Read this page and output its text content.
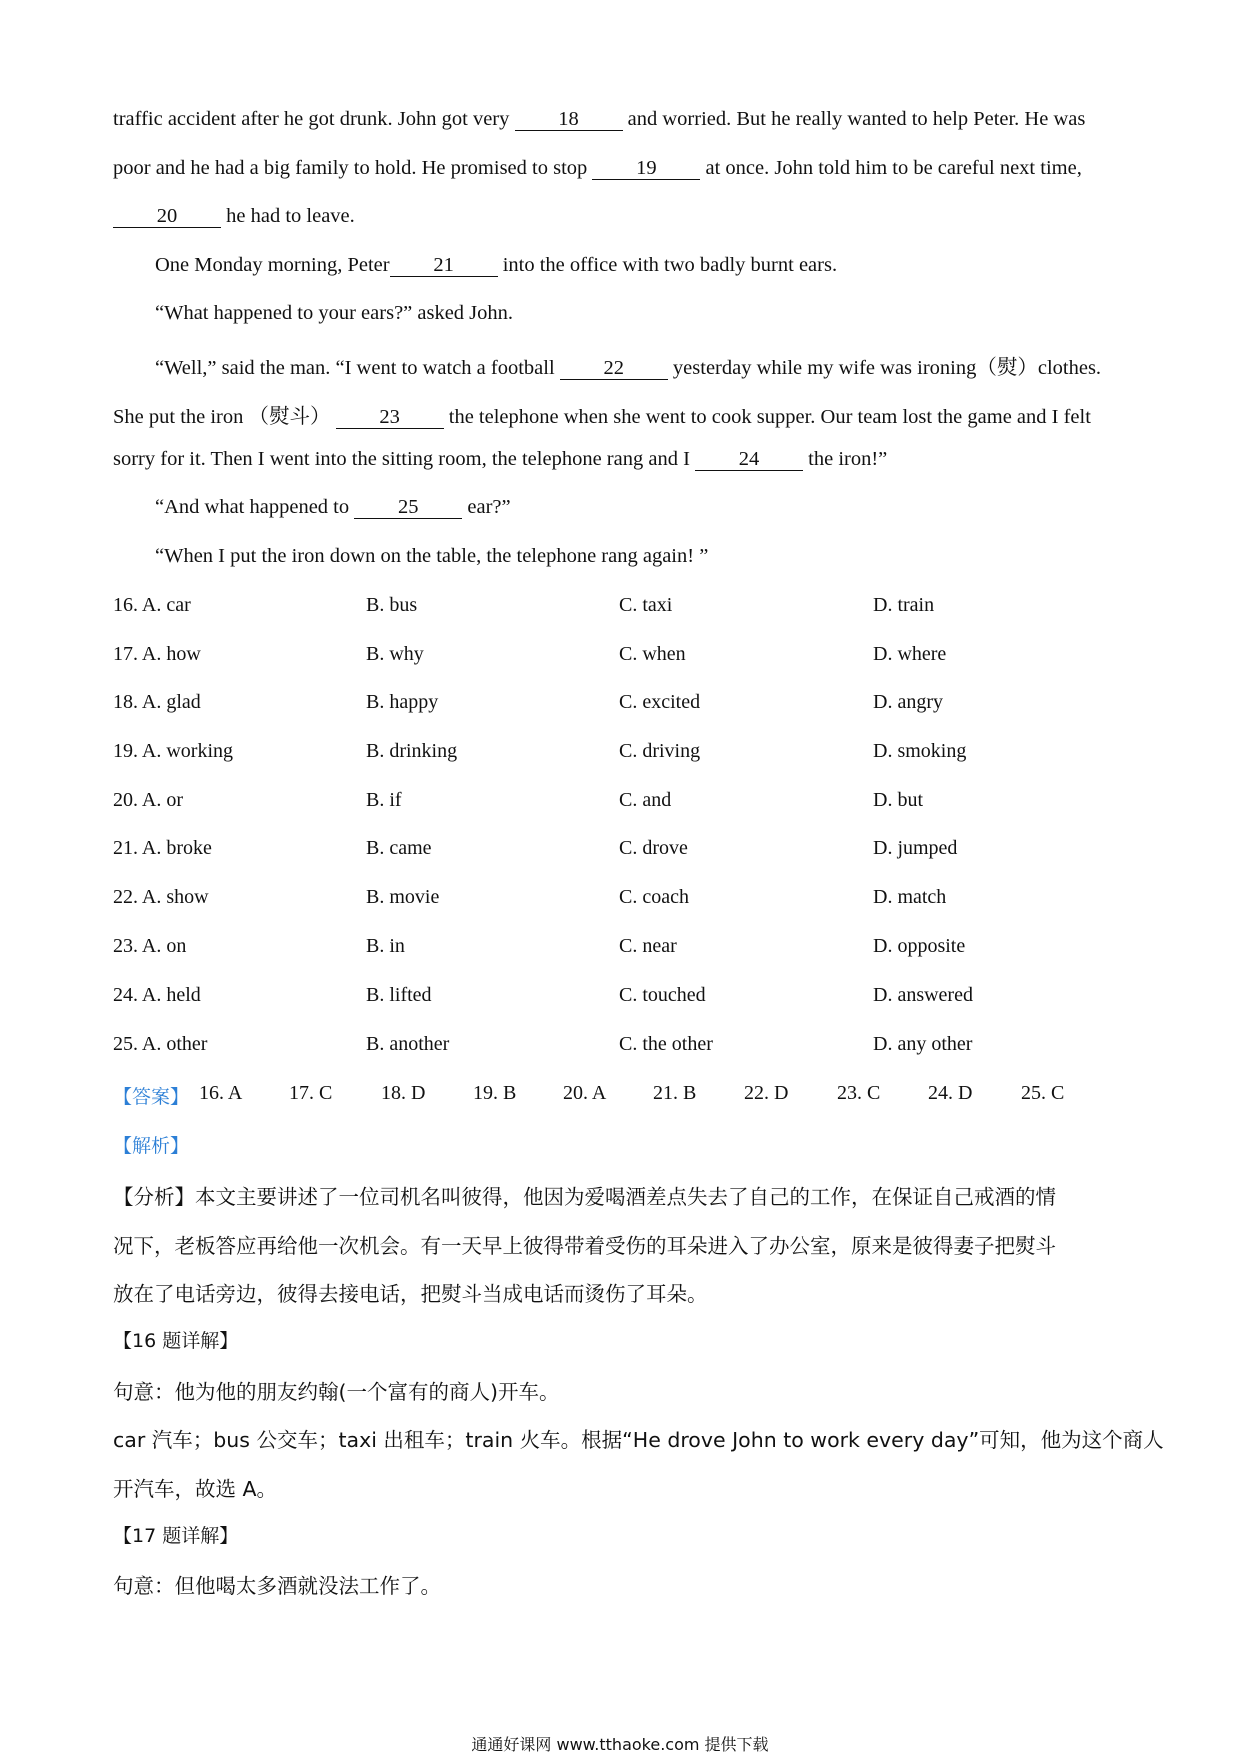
traffic accident after he got drunk. John got very 18 and worried. But he really wanted to help Peter. He was
poor and he had a big family to hold. He promised to stop 19 at once. John told him to be careful next time,
20 he had to leave.
One Monday morning, Peter 21 into the office with two badly burnt ears.
“What happened to your ears?” asked John.
“Well,” said the man. “I went to watch a football 22 yesterday while my wife was ironing（熨）clothes.
She put the iron （熨斗） 23 the telephone when she went to cook supper. Our team lost the game and I felt
sorry for it. Then I went into the sitting room, the telephone rang and I 24 the iron!”
“And what happened to 25 ear?”
“When I put the iron down on the table, the telephone rang again! ”
16. A. car	B. bus	C. taxi	D. train
17. A. how	B. why	C. when	D. where
18. A. glad	B. happy	C. excited	D. angry
19. A. working	B. drinking	C. driving	D. smoking
20. A. or	B. if	C. and	D. but
21. A. broke	B. came	C. drove	D. jumped
22. A. show	B. movie	C. coach	D. match
23. A. on	B. in	C. near	D. opposite
24. A. held	B. lifted	C. touched	D. answered
25. A. other	B. another	C. the other	D. any other
【答案】 16. A 17. C 18. D 19. B 20. A 21. B 22. D 23. C 24. D 25. C
【解析】
【分析】本文主要讲述了一位司机名叫彼得，他因为爱喝酒差点失去了自己的工作，在保证自己戒酒的情
况下，老板答应再给他一次机会。有一天早上彼得带着受伤的耳朵进入了办公室，原来是彼得妻子把熨斗
放在了电话旁边，彼得去接电话，把熨斗当成电话而烫伤了耳朵。
【16 题详解】
句意：他为他的朋友约翰(一个富有的商人)开车。
car 汽车；bus 公交车；taxi 出租车；train 火车。根据“He drove John to work every day”可知，他为这个商人
开汽车，故选 A。
【17 题详解】
句意：但他喝太多酒就没法工作了。
通通好课网 www.tthaoke.com 提供下载
